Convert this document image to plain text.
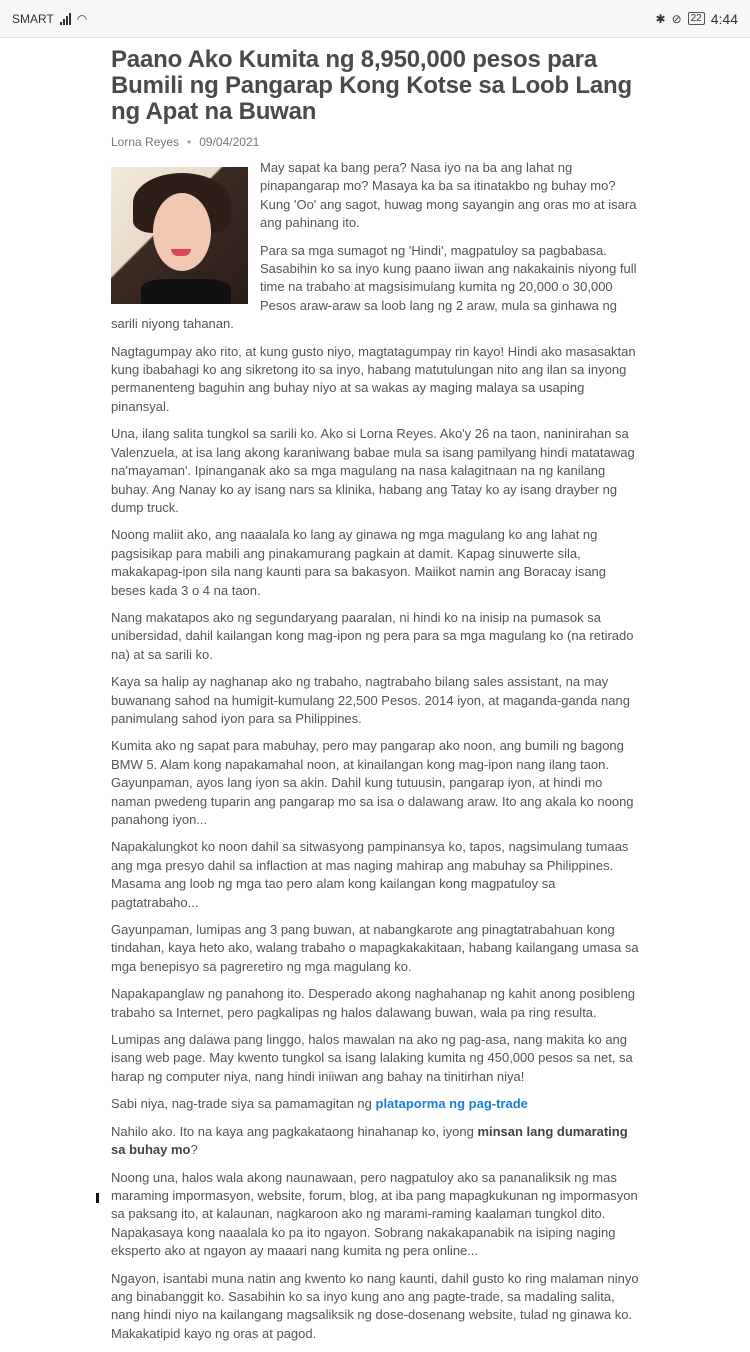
SMART ◠	✱ ⊘ 22 4:44
Paano Ako Kumita ng 8,950,000 pesos para Bumili ng Pangarap Kong Kotse sa Loob Lang ng Apat na Buwan
Lorna Reyes • 09/04/2021

May sapat ka bang pera? Nasa iyo na ba ang lahat ng pinapangarap mo? Masaya ka ba sa itinatakbo ng buhay mo? Kung 'Oo' ang sagot, huwag mong sayangin ang oras mo at isara ang pahinang ito.

Para sa mga sumagot ng 'Hindi', magpatuloy sa pagbabasa. Sasabihin ko sa inyo kung paano iiwan ang nakakainis niyong full time na trabaho at magsisimulang kumita ng 20,000 o 30,000 Pesos araw-araw sa loob lang ng 2 araw, mula sa ginhawa ng sarili niyong tahanan.

Nagtagumpay ako rito, at kung gusto niyo, magtatagumpay rin kayo! Hindi ako masasaktan kung ibabahagi ko ang sikretong ito sa inyo, habang matutulungan nito ang ilan sa inyong permanenteng baguhin ang buhay niyo at sa wakas ay maging malaya sa usaping pinansyal.

Una, ilang salita tungkol sa sarili ko. Ako si Lorna Reyes. Ako'y 26 na taon, naninirahan sa Valenzuela, at isa lang akong karaniwang babae mula sa isang pamilyang hindi matatawag na'mayaman'. Ipinanganak ako sa mga magulang na nasa kalagitnaan na ng kanilang buhay. Ang Nanay ko ay isang nars sa klinika, habang ang Tatay ko ay isang drayber ng dump truck.

Noong maliit ako, ang naaalala ko lang ay ginawa ng mga magulang ko ang lahat ng pagsisikap para mabili ang pinakamurang pagkain at damit. Kapag sinuwerte sila, makakapag-ipon sila nang kaunti para sa bakasyon. Maiikot namin ang Boracay isang beses kada 3 o 4 na taon.

Nang makatapos ako ng segundaryang paaralan, ni hindi ko na inisip na pumasok sa unibersidad, dahil kailangan kong mag-ipon ng pera para sa mga magulang ko (na retirado na) at sa sarili ko.

Kaya sa halip ay naghanap ako ng trabaho, nagtrabaho bilang sales assistant, na may buwanang sahod na humigit-kumulang 22,500 Pesos. 2014 iyon, at maganda-ganda nang panimulang sahod iyon para sa Philippines.

Kumita ako ng sapat para mabuhay, pero may pangarap ako noon, ang bumili ng bagong BMW 5. Alam kong napakamahal noon, at kinailangan kong mag-ipon nang ilang taon. Gayunpaman, ayos lang iyon sa akin. Dahil kung tutuusin, pangarap iyon, at hindi mo naman pwedeng tuparin ang pangarap mo sa isa o dalawang araw. Ito ang akala ko noong panahong iyon...

Napakalungkot ko noon dahil sa sitwasyong pampinansya ko, tapos, nagsimulang tumaas ang mga presyo dahil sa inflaction at mas naging mahirap ang mabuhay sa Philippines. Masama ang loob ng mga tao pero alam kong kailangan kong magpatuloy sa pagtatrabaho...

Gayunpaman, lumipas ang 3 pang buwan, at nabangkarote ang pinagtatrabahuan kong tindahan, kaya heto ako, walang trabaho o mapagkakakitaan, habang kailangang umasa sa mga benepisyo sa pagreretiro ng mga magulang ko.

Napakapanglaw ng panahong ito. Desperado akong naghahanap ng kahit anong posibleng trabaho sa Internet, pero pagkalipas ng halos dalawang buwan, wala pa ring resulta.

Lumipas ang dalawa pang linggo, halos mawalan na ako ng pag-asa, nang makita ko ang isang web page. May kwento tungkol sa isang lalaking kumita ng 450,000 pesos sa net, sa harap ng computer niya, nang hindi iniiwan ang bahay na tinitirhan niya!

Sabi niya, nag-trade siya sa pamamagitan ng plataporma ng pag-trade

Nahilo ako. Ito na kaya ang pagkakataong hinahanap ko, iyong minsan lang dumarating sa buhay mo?

Noong una, halos wala akong naunawaan, pero nagpatuloy ako sa pananaliksik ng mas maraming impormasyon, website, forum, blog, at iba pang mapagkukunan ng impormasyon sa paksang ito, at kalaunan, nagkaroon ako ng marami-raming kaalaman tungkol dito. Napakasaya kong naaalala ko pa ito ngayon. Sobrang nakakapanabik na isiping naging eksperto ako at ngayon ay maaari nang kumita ng pera online...

Ngayon, isantabi muna natin ang kwento ko nang kaunti, dahil gusto ko ring malaman ninyo ang binabanggit ko. Sasabihin ko sa inyo kung ano ang pagte-trade, sa madaling salita, nang hindi niyo na kailangang magsaliksik ng dose-dosenang website, tulad ng ginawa ko. Makakatipid kayo ng oras at pagod.
